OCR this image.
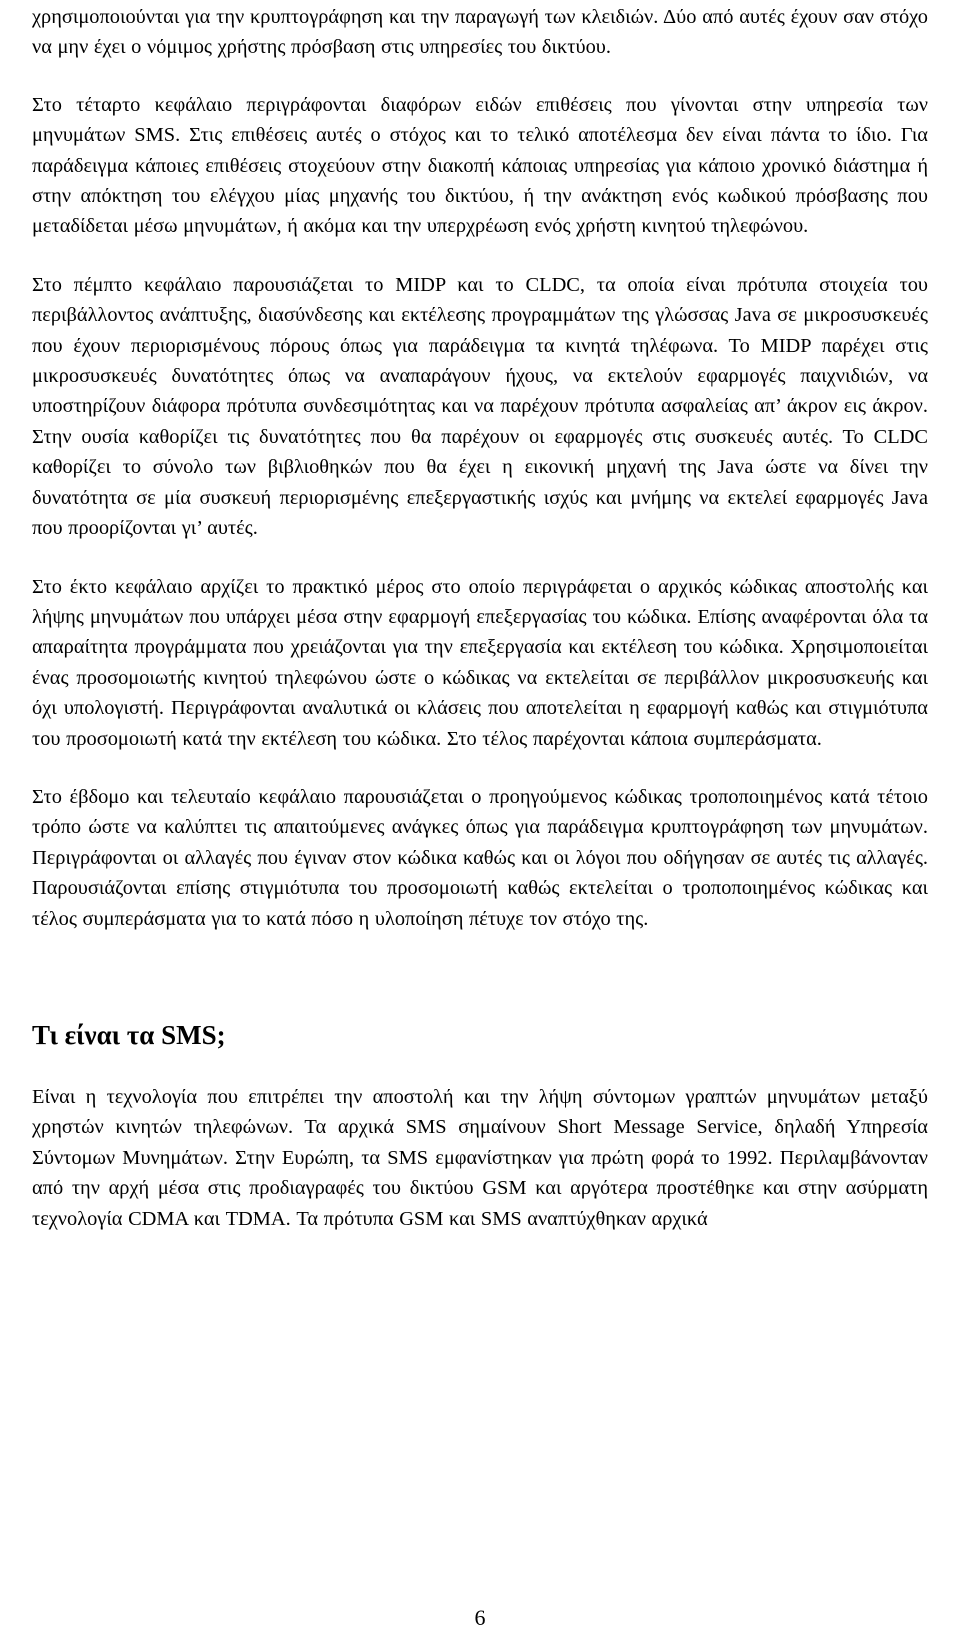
χρησιμοποιούνται για την κρυπτογράφηση και την παραγωγή των κλειδιών. Δύο από αυτές έχουν σαν στόχο να μην έχει ο νόμιμος χρήστης πρόσβαση στις υπηρεσίες του δικτύου.

Στο τέταρτο κεφάλαιο περιγράφονται διαφόρων ειδών επιθέσεις που γίνονται στην υπηρεσία των μηνυμάτων SMS. Στις επιθέσεις αυτές ο στόχος και το τελικό αποτέλεσμα δεν είναι πάντα το ίδιο. Για παράδειγμα κάποιες επιθέσεις στοχεύουν στην διακοπή κάποιας υπηρεσίας για κάποιο χρονικό διάστημα ή στην απόκτηση του ελέγχου μίας μηχανής του δικτύου, ή την ανάκτηση ενός κωδικού πρόσβασης που μεταδίδεται μέσω μηνυμάτων, ή ακόμα και την υπερχρέωση ενός χρήστη κινητού τηλεφώνου.

Στο πέμπτο κεφάλαιο παρουσιάζεται το MIDP και το CLDC, τα οποία είναι πρότυπα στοιχεία του περιβάλλοντος ανάπτυξης, διασύνδεσης και εκτέλεσης προγραμμάτων της γλώσσας Java σε μικροσυσκευές που έχουν περιορισμένους πόρους όπως για παράδειγμα τα κινητά τηλέφωνα. Το MIDP παρέχει στις μικροσυσκευές δυνατότητες όπως να αναπαράγουν ήχους, να εκτελούν εφαρμογές παιχνιδιών, να υποστηρίζουν διάφορα πρότυπα συνδεσιμότητας και να παρέχουν πρότυπα ασφαλείας απ’ άκρον εις άκρον. Στην ουσία καθορίζει τις δυνατότητες που θα παρέχουν οι εφαρμογές στις συσκευές αυτές. Το CLDC καθορίζει το σύνολο των βιβλιοθηκών που θα έχει η εικονική μηχανή της Java ώστε να δίνει την δυνατότητα σε μία συσκευή περιορισμένης επεξεργαστικής ισχύς και μνήμης να εκτελεί εφαρμογές Java που προορίζονται γι’ αυτές.

Στο έκτο κεφάλαιο αρχίζει το πρακτικό μέρος στο οποίο περιγράφεται ο αρχικός κώδικας αποστολής και λήψης μηνυμάτων που υπάρχει μέσα στην εφαρμογή επεξεργασίας του κώδικα. Επίσης αναφέρονται όλα τα απαραίτητα προγράμματα που χρειάζονται για την επεξεργασία και εκτέλεση του κώδικα. Χρησιμοποιείται ένας προσομοιωτής κινητού τηλεφώνου ώστε ο κώδικας να εκτελείται σε περιβάλλον μικροσυσκευής και όχι υπολογιστή. Περιγράφονται αναλυτικά οι κλάσεις που αποτελείται η εφαρμογή καθώς και στιγμιότυπα του προσομοιωτή κατά την εκτέλεση του κώδικα. Στο τέλος παρέχονται κάποια συμπεράσματα.

Στο έβδομο και τελευταίο κεφάλαιο παρουσιάζεται ο προηγούμενος κώδικας τροποποιημένος κατά τέτοιο τρόπο ώστε να καλύπτει τις απαιτούμενες ανάγκες όπως για παράδειγμα κρυπτογράφηση των μηνυμάτων. Περιγράφονται οι αλλαγές που έγιναν στον κώδικα καθώς και οι λόγοι που οδήγησαν σε αυτές τις αλλαγές. Παρουσιάζονται επίσης στιγμιότυπα του προσομοιωτή καθώς εκτελείται ο τροποποιημένος κώδικας και τέλος συμπεράσματα για το κατά πόσο η υλοποίηση πέτυχε τον στόχο της.

Τι είναι τα SMS;

Είναι η τεχνολογία που επιτρέπει την αποστολή και την λήψη σύντομων γραπτών μηνυμάτων μεταξύ χρηστών κινητών τηλεφώνων. Τα αρχικά SMS σημαίνουν Short Message Service, δηλαδή Υπηρεσία Σύντομων Μυνημάτων. Στην Ευρώπη, τα SMS εμφανίστηκαν για πρώτη φορά το 1992. Περιλαμβάνονταν από την αρχή μέσα στις προδιαγραφές του δικτύου GSM και αργότερα προστέθηκε και στην ασύρματη τεχνολογία CDMA και TDMA. Τα πρότυπα GSM και SMS αναπτύχθηκαν αρχικά

6
